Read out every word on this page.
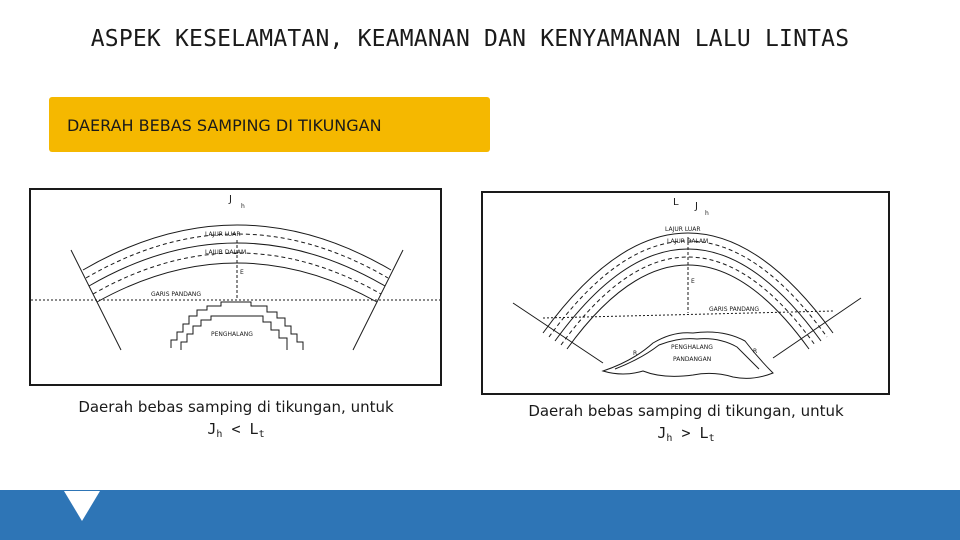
ASPEK KESELAMATAN, KEAMANAN DAN KENYAMANAN LALU LINTAS
DAERAH BEBAS SAMPING DI TIKUNGAN
J
h
LAJUR LUAR
LAJUR DALAM
E
GARIS PANDANG
PENGHALANG
L J
h
LAJUR LUAR
LAJUR DALAM
E
GARIS PANDANG
PENGHALANG
PANDANGAN
R	R
Daerah bebas samping di tikungan, untuk
$J_h < L_t$
Daerah bebas samping di tikungan, untuk
$J_h > L_t$
